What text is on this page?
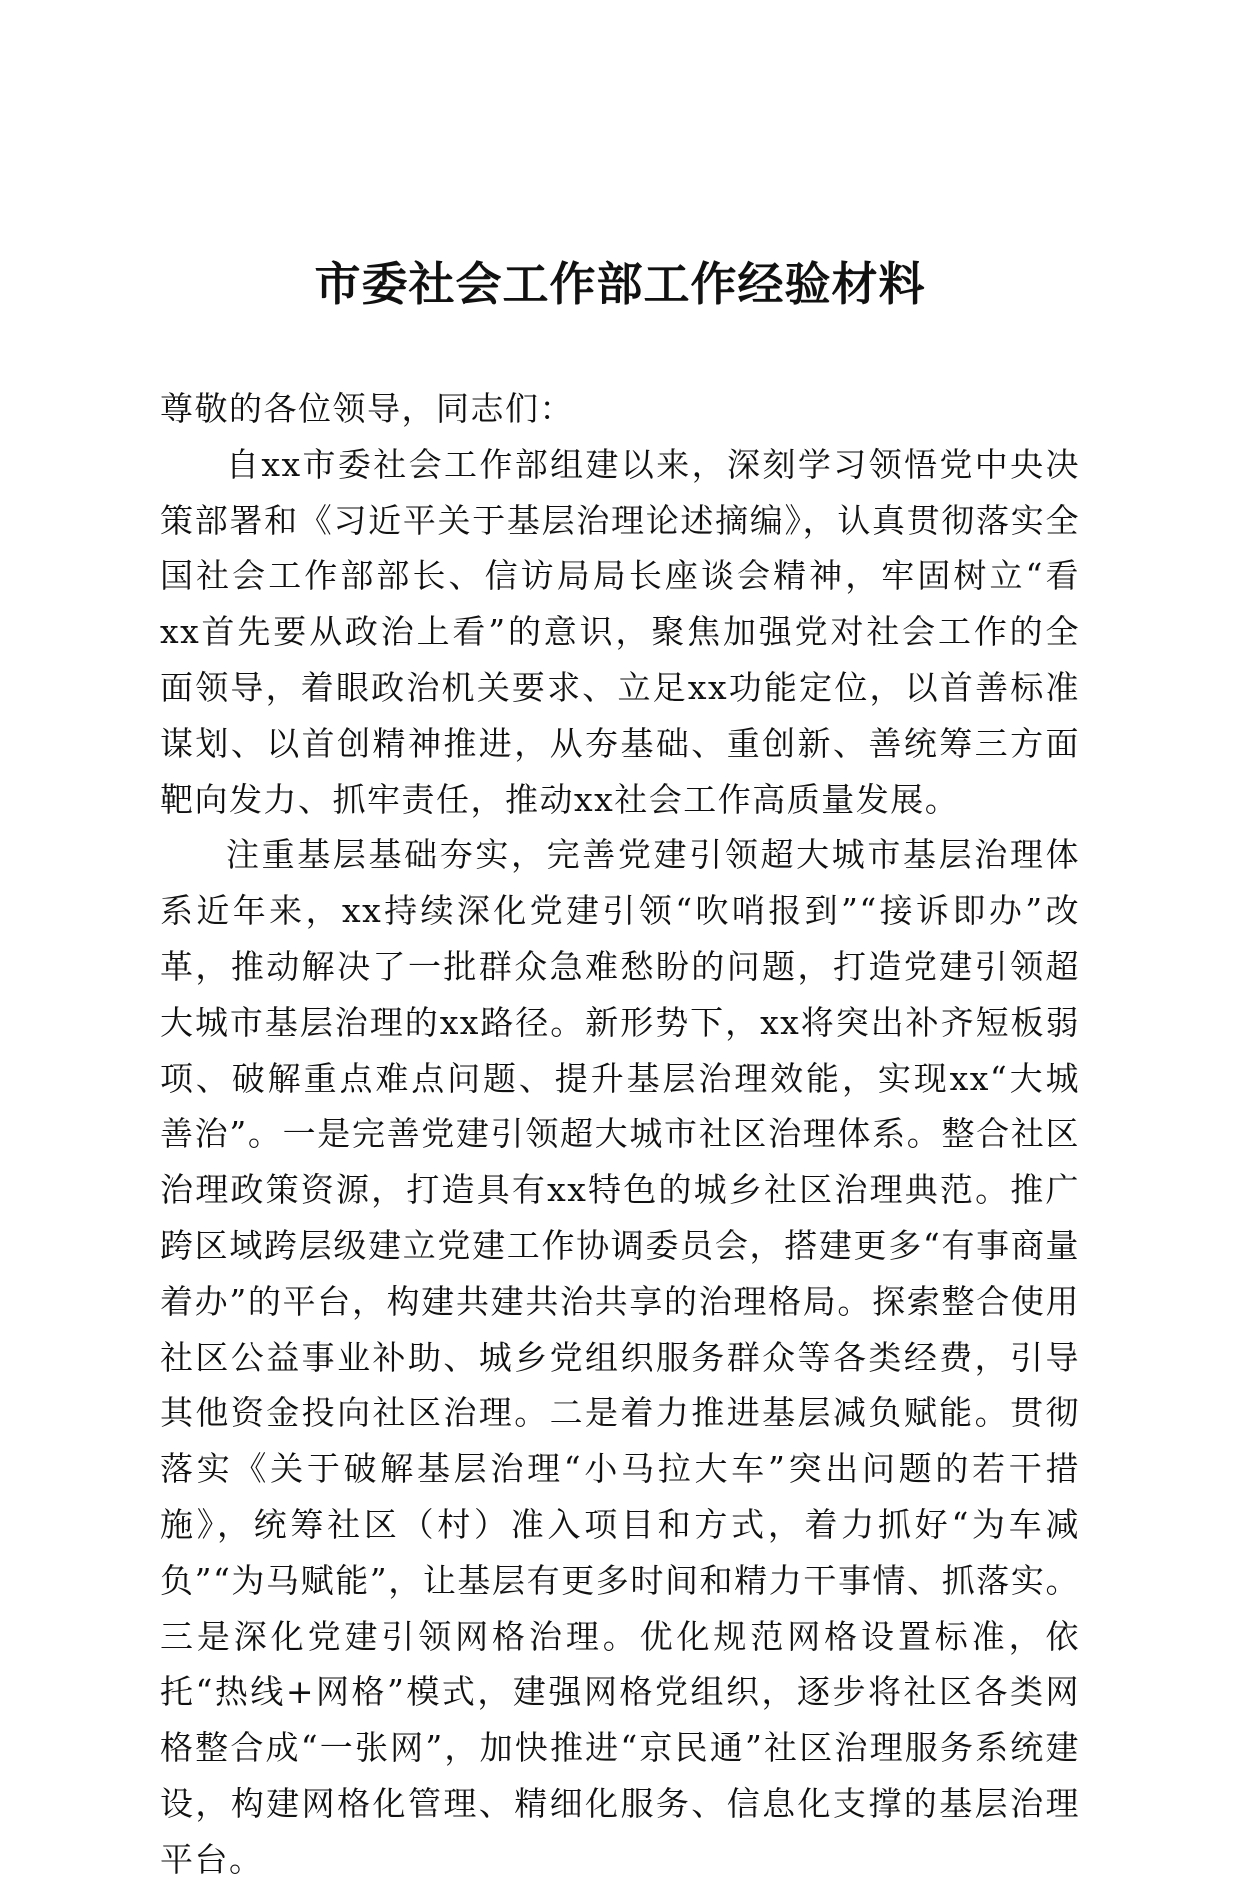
市委社会工作部工作经验材料

尊敬的各位领导，同志们：

自xx市委社会工作部组建以来，深刻学习领悟党中央决策部署和《习近平关于基层治理论述摘编》，认真贯彻落实全国社会工作部部长、信访局局长座谈会精神，牢固树立“看xx首先要从政治上看”的意识，聚焦加强党对社会工作的全面领导，着眼政治机关要求、立足xx功能定位，以首善标准谋划、以首创精神推进，从夯基础、重创新、善统筹三方面靶向发力、抓牢责任，推动xx社会工作高质量发展。

注重基层基础夯实，完善党建引领超大城市基层治理体系近年来，xx持续深化党建引领“吹哨报到”“接诉即办”改革，推动解决了一批群众急难愁盼的问题，打造党建引领超大城市基层治理的xx路径。新形势下，xx将突出补齐短板弱项、破解重点难点问题、提升基层治理效能，实现xx“大城善治”。一是完善党建引领超大城市社区治理体系。整合社区治理政策资源，打造具有xx特色的城乡社区治理典范。推广跨区域跨层级建立党建工作协调委员会，搭建更多“有事商量着办”的平台，构建共建共治共享的治理格局。探索整合使用社区公益事业补助、城乡党组织服务群众等各类经费，引导其他资金投向社区治理。二是着力推进基层减负赋能。贯彻落实《关于破解基层治理“小马拉大车”突出问题的若干措施》，统筹社区（村）准入项目和方式，着力抓好“为车减负”“为马赋能”，让基层有更多时间和精力干事情、抓落实。三是深化党建引领网格治理。优化规范网格设置标准，依托“热线+网格”模式，建强网格党组织，逐步将社区各类网格整合成“一张网”，加快推进“京民通”社区治理服务系统建设，构建网格化管理、精细化服务、信息化支撑的基层治理平台。
